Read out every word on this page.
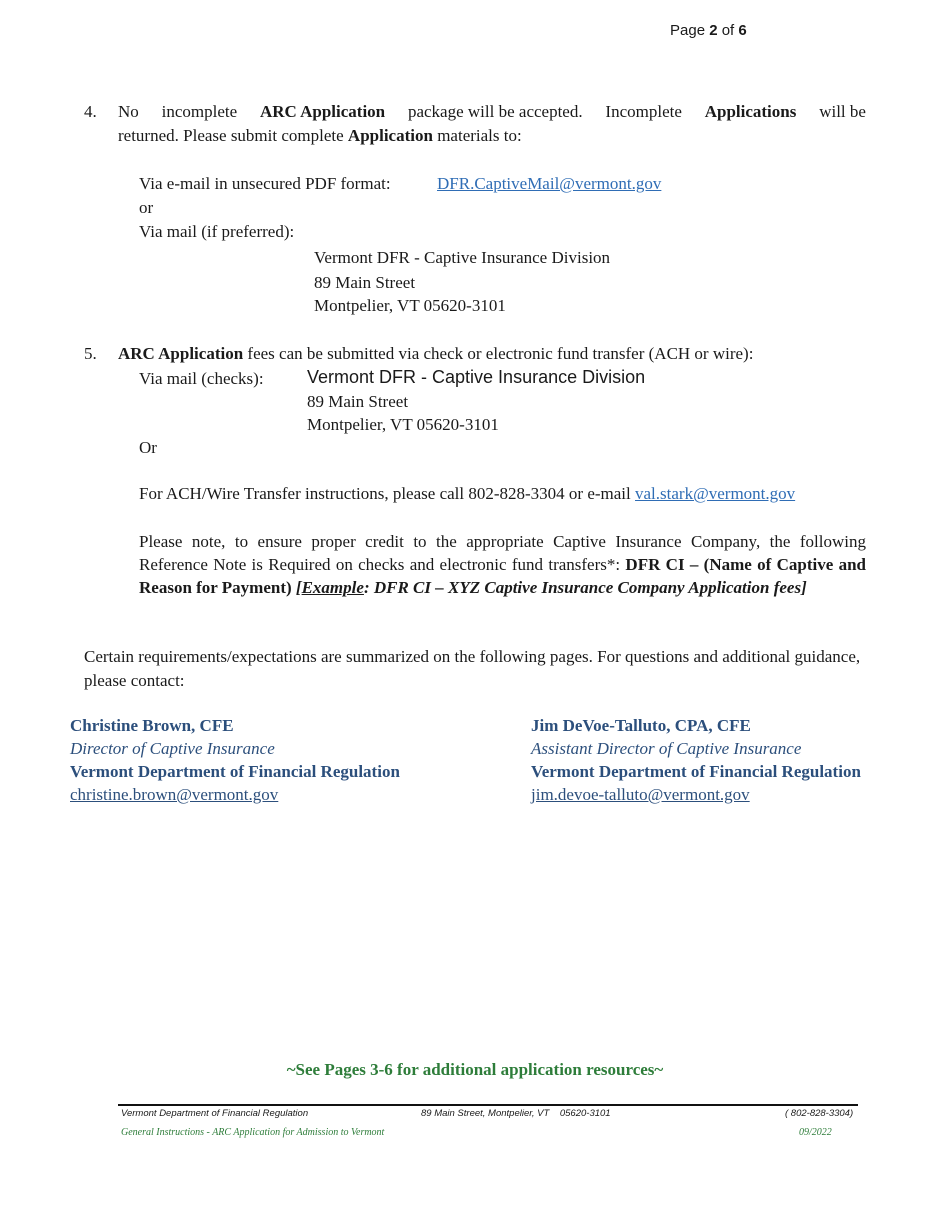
Page 2 of 6
4. No incomplete ARC Application package will be accepted. Incomplete Applications will be
returned. Please submit complete Application materials to:
Via e-mail in unsecured PDF format:	DFR.CaptiveMail@vermont.gov
or
Via mail (if preferred):
Vermont DFR - Captive Insurance Division
89 Main Street
Montpelier, VT 05620-3101
5. ARC Application fees can be submitted via check or electronic fund transfer (ACH or wire):
Via mail (checks): Vermont DFR - Captive Insurance Division
89 Main Street
Montpelier, VT 05620-3101
Or
For ACH/Wire Transfer instructions, please call 802-828-3304 or e-mail val.stark@vermont.gov
Please note, to ensure proper credit to the appropriate Captive Insurance Company, the following Reference Note is Required on checks and electronic fund transfers*: DFR CI – (Name of Captive and Reason for Payment) [Example: DFR CI – XYZ Captive Insurance Company Application fees]
Certain requirements/expectations are summarized on the following pages. For questions and additional guidance, please contact:
Christine Brown, CFE
Director of Captive Insurance
Vermont Department of Financial Regulation
christine.brown@vermont.gov
Jim DeVoe-Talluto, CPA, CFE
Assistant Director of Captive Insurance
Vermont Department of Financial Regulation
jim.devoe-talluto@vermont.gov
~See Pages 3-6 for additional application resources~
Vermont Department of Financial Regulation	89 Main Street, Montpelier, VT    05620-3101	( 802-828-3304)
General Instructions - ARC Application for Admission to Vermont	09/2022
